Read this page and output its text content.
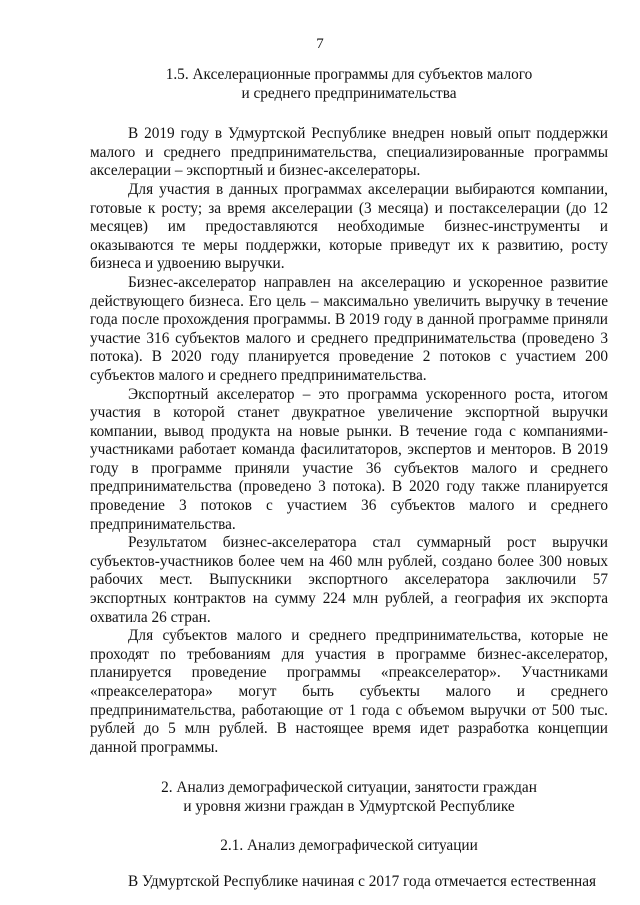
7
1.5. Акселерационные программы для субъектов малого
и среднего предпринимательства

В 2019 году в Удмуртской Республике внедрен новый опыт поддержки малого и среднего предпринимательства, специализированные программы акселерации – экспортный и бизнес-акселераторы.

Для участия в данных программах акселерации выбираются компании, готовые к росту; за время акселерации (3 месяца) и постакселерации (до 12 месяцев) им предоставляются необходимые бизнес-инструменты и оказываются те меры поддержки, которые приведут их к развитию, росту бизнеса и удвоению выручки.

Бизнес-акселератор направлен на акселерацию и ускоренное развитие действующего бизнеса. Его цель – максимально увеличить выручку в течение года после прохождения программы. В 2019 году в данной программе приняли участие 316 субъектов малого и среднего предпринимательства (проведено 3 потока). В 2020 году планируется проведение 2 потоков с участием 200 субъектов малого и среднего предпринимательства.

Экспортный акселератор – это программа ускоренного роста, итогом участия в которой станет двукратное увеличение экспортной выручки компании, вывод продукта на новые рынки. В течение года с компаниями-участниками работает команда фасилитаторов, экспертов и менторов. В 2019 году в программе приняли участие 36 субъектов малого и среднего предпринимательства (проведено 3 потока). В 2020 году также планируется проведение 3 потоков с участием 36 субъектов малого и среднего предпринимательства.

Результатом бизнес-акселератора стал суммарный рост выручки субъектов-участников более чем на 460 млн рублей, создано более 300 новых рабочих мест. Выпускники экспортного акселератора заключили 57 экспортных контрактов на сумму 224 млн рублей, а география их экспорта охватила 26 стран.

Для субъектов малого и среднего предпринимательства, которые не проходят по требованиям для участия в программе бизнес-акселератор, планируется проведение программы «преакселератор». Участниками «преакселератора» могут быть субъекты малого и среднего предпринимательства, работающие от 1 года с объемом выручки от 500 тыс. рублей до 5 млн рублей. В настоящее время идет разработка концепции данной программы.

2. Анализ демографической ситуации, занятости граждан
и уровня жизни граждан в Удмуртской Республике
2.1. Анализ демографической ситуации

В Удмуртской Республике начиная с 2017 года отмечается естественная
